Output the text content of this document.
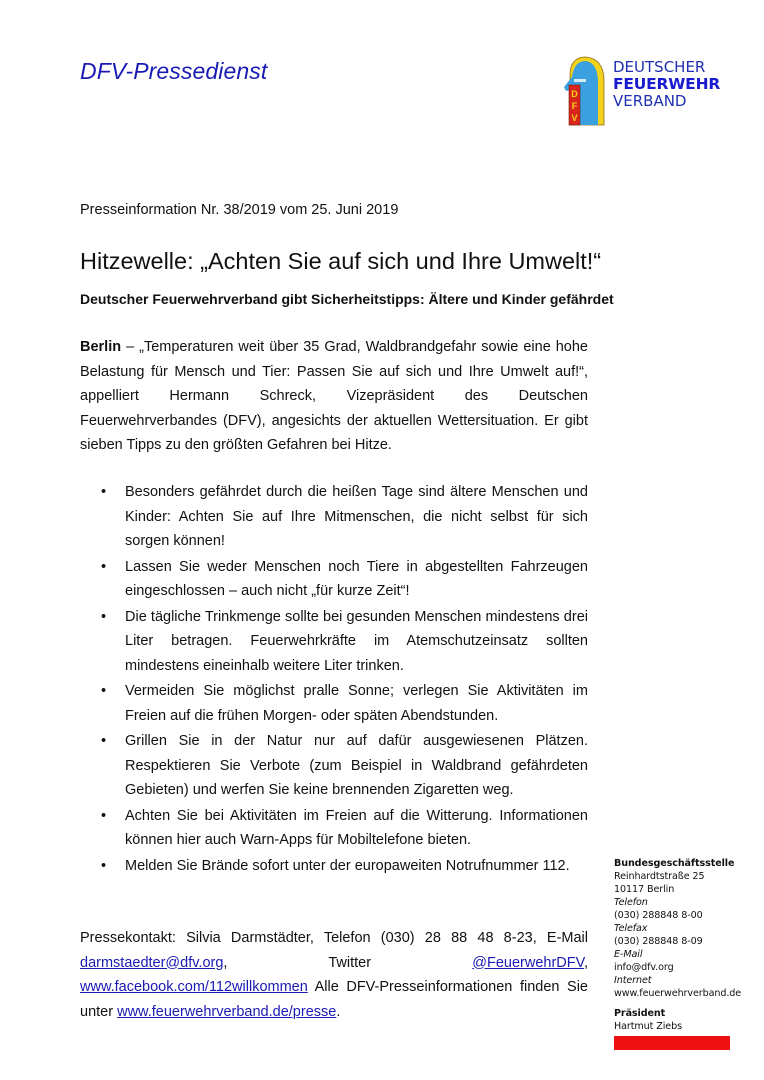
DFV-Pressedienst
D
F
V
DEUTSCHER
FEUERWEHR
VERBAND
Presseinformation Nr. 38/2019 vom 25. Juni 2019
Hitzewelle: „Achten Sie auf sich und Ihre Umwelt!“
Deutscher Feuerwehrverband gibt Sicherheitstipps: Ältere und Kinder gefährdet
Berlin – „Temperaturen weit über 35 Grad, Waldbrandgefahr sowie eine hohe Belastung für Mensch und Tier: Passen Sie auf sich und Ihre Umwelt auf!“, appelliert Hermann Schreck, Vizepräsident des Deutschen Feuerwehrverbandes (DFV), angesichts der aktuellen Wettersituation. Er gibt sieben Tipps zu den größten Gefahren bei Hitze.
• Besonders gefährdet durch die heißen Tage sind ältere Menschen und Kinder: Achten Sie auf Ihre Mitmenschen, die nicht selbst für sich sorgen können!
• Lassen Sie weder Menschen noch Tiere in abgestellten Fahrzeugen eingeschlossen – auch nicht „für kurze Zeit“!
• Die tägliche Trinkmenge sollte bei gesunden Menschen mindestens drei Liter betragen. Feuerwehrkräfte im Atemschutzeinsatz sollten mindestens eineinhalb weitere Liter trinken.
• Vermeiden Sie möglichst pralle Sonne; verlegen Sie Aktivitäten im Freien auf die frühen Morgen- oder späten Abendstunden.
• Grillen Sie in der Natur nur auf dafür ausgewiesenen Plätzen. Respektieren Sie Verbote (zum Beispiel in Waldbrand gefährdeten Gebieten) und werfen Sie keine brennenden Zigaretten weg.
• Achten Sie bei Aktivitäten im Freien auf die Witterung. Informationen können hier auch Warn-Apps für Mobiltelefone bieten.
• Melden Sie Brände sofort unter der europaweiten Notrufnummer 112.
Pressekontakt: Silvia Darmstädter, Telefon (030) 28 88 48 8-23, E-Mail darmstaedter@dfv.org, Twitter @FeuerwehrDFV, www.facebook.com/112willkommen Alle DFV-Presseinformationen finden Sie unter www.feuerwehrverband.de/presse.
Bundesgeschäftsstelle
Reinhardtstraße 25
10117 Berlin
Telefon
(030) 288848 8-00
Telefax
(030) 288848 8-09
E-Mail
info@dfv.org
Internet
www.feuerwehrverband.de
Präsident
Hartmut Ziebs
